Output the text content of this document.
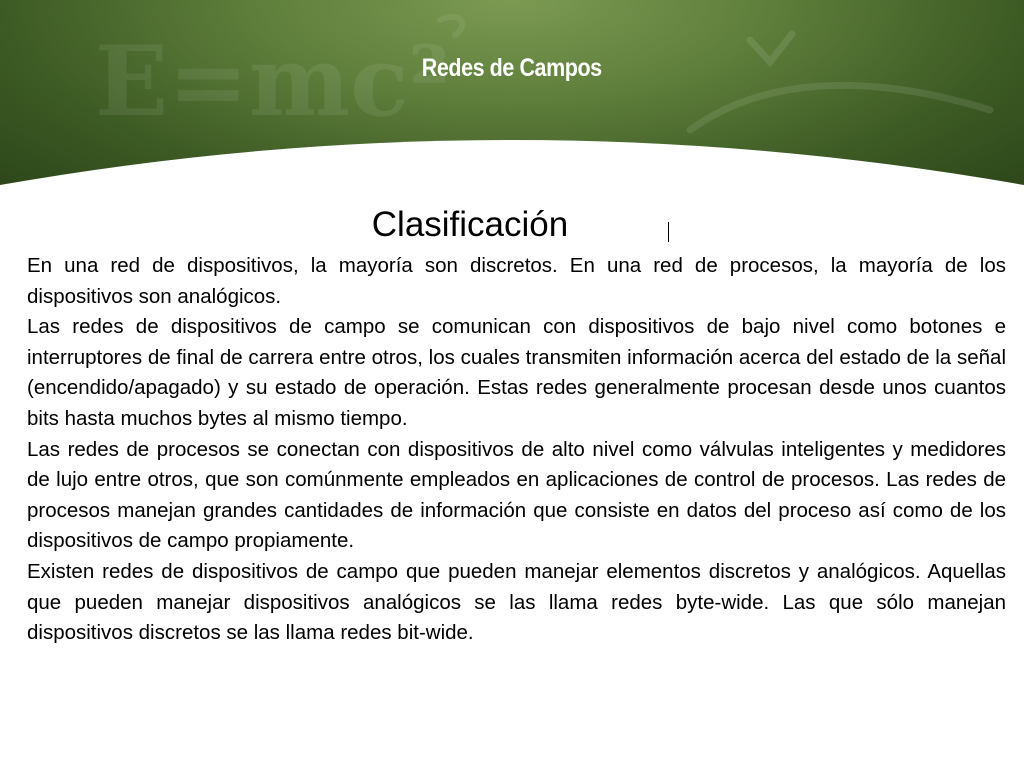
E=mc²
Redes de Campos
Clasificación

En una red de dispositivos, la mayoría son discretos. En una red de procesos, la mayoría de los dispositivos son analógicos.

Las redes de dispositivos de campo se comunican con dispositivos de bajo nivel como botones e interruptores de final de carrera entre otros, los cuales transmiten información acerca del estado de la señal (encendido/apagado) y su estado de operación. Estas redes generalmente procesan desde unos cuantos bits hasta muchos bytes al mismo tiempo.

Las redes de procesos se conectan con dispositivos de alto nivel como válvulas inteligentes y medidores de lujo entre otros, que son comúnmente empleados en aplicaciones de control de procesos. Las redes de procesos manejan grandes cantidades de información que consiste en datos del proceso así como de los dispositivos de campo propiamente.

Existen redes de dispositivos de campo que pueden manejar elementos discretos y analógicos. Aquellas que pueden manejar dispositivos analógicos se las llama redes byte-wide. Las que sólo manejan dispositivos discretos se las llama redes bit-wide.
